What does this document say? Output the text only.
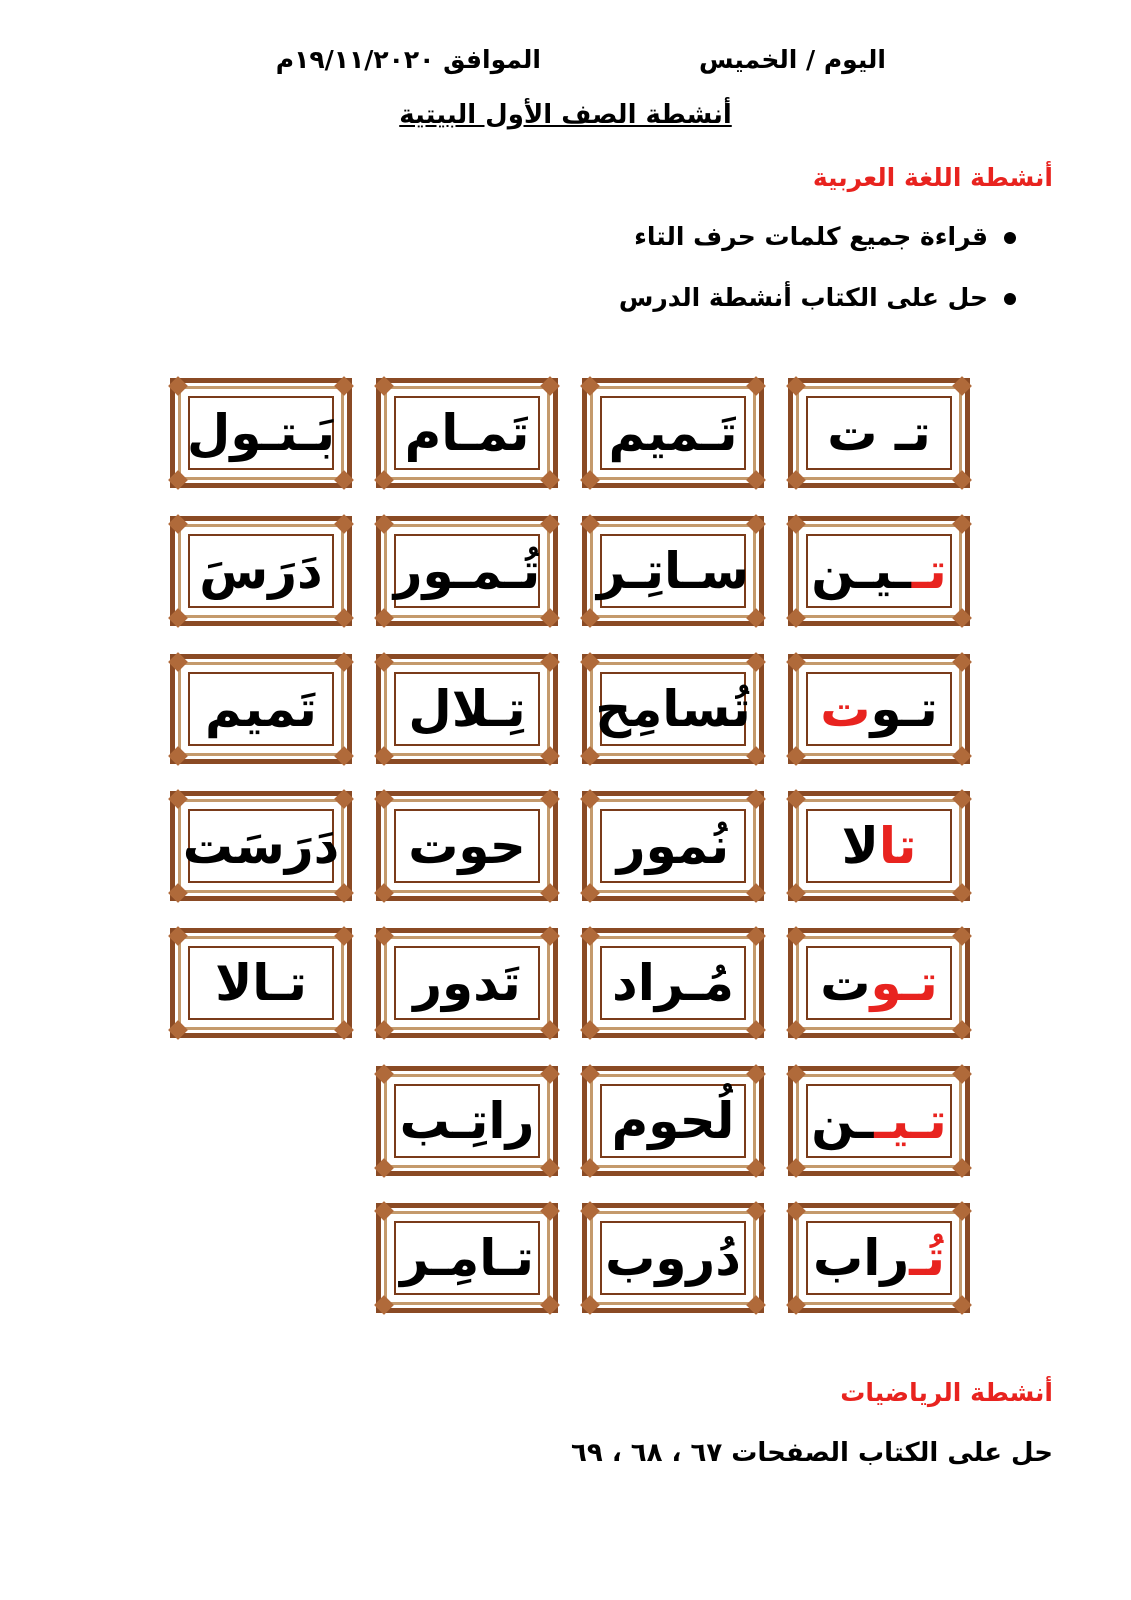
اليوم / الخميس
الموافق ١٩/١١/٢٠٢٠م
أنشطة الصف الأول البيتية
أنشطة اللغة العربية
قراءة جميع كلمات حرف التاء
حل على الكتاب أنشطة الدرس
تـ ت
تَـميم
تَمـام
بَـتـول
تـ
ـيـن
سـاتِـر
تُـمـور
دَرَسَ
تـو
ت
تُسامِح
تِـلال
تَميم
تا
لا
نُمور
حوت
دَرَسَت
تـو
ت
مُـراد
تَدور
تـالا
تـيـ
ـن
لُحوم
راتِـب
تُـ
راب
دُروب
تـامِـر
أنشطة الرياضيات
حل على الكتاب الصفحات ٦٧ ، ٦٨ ، ٦٩
